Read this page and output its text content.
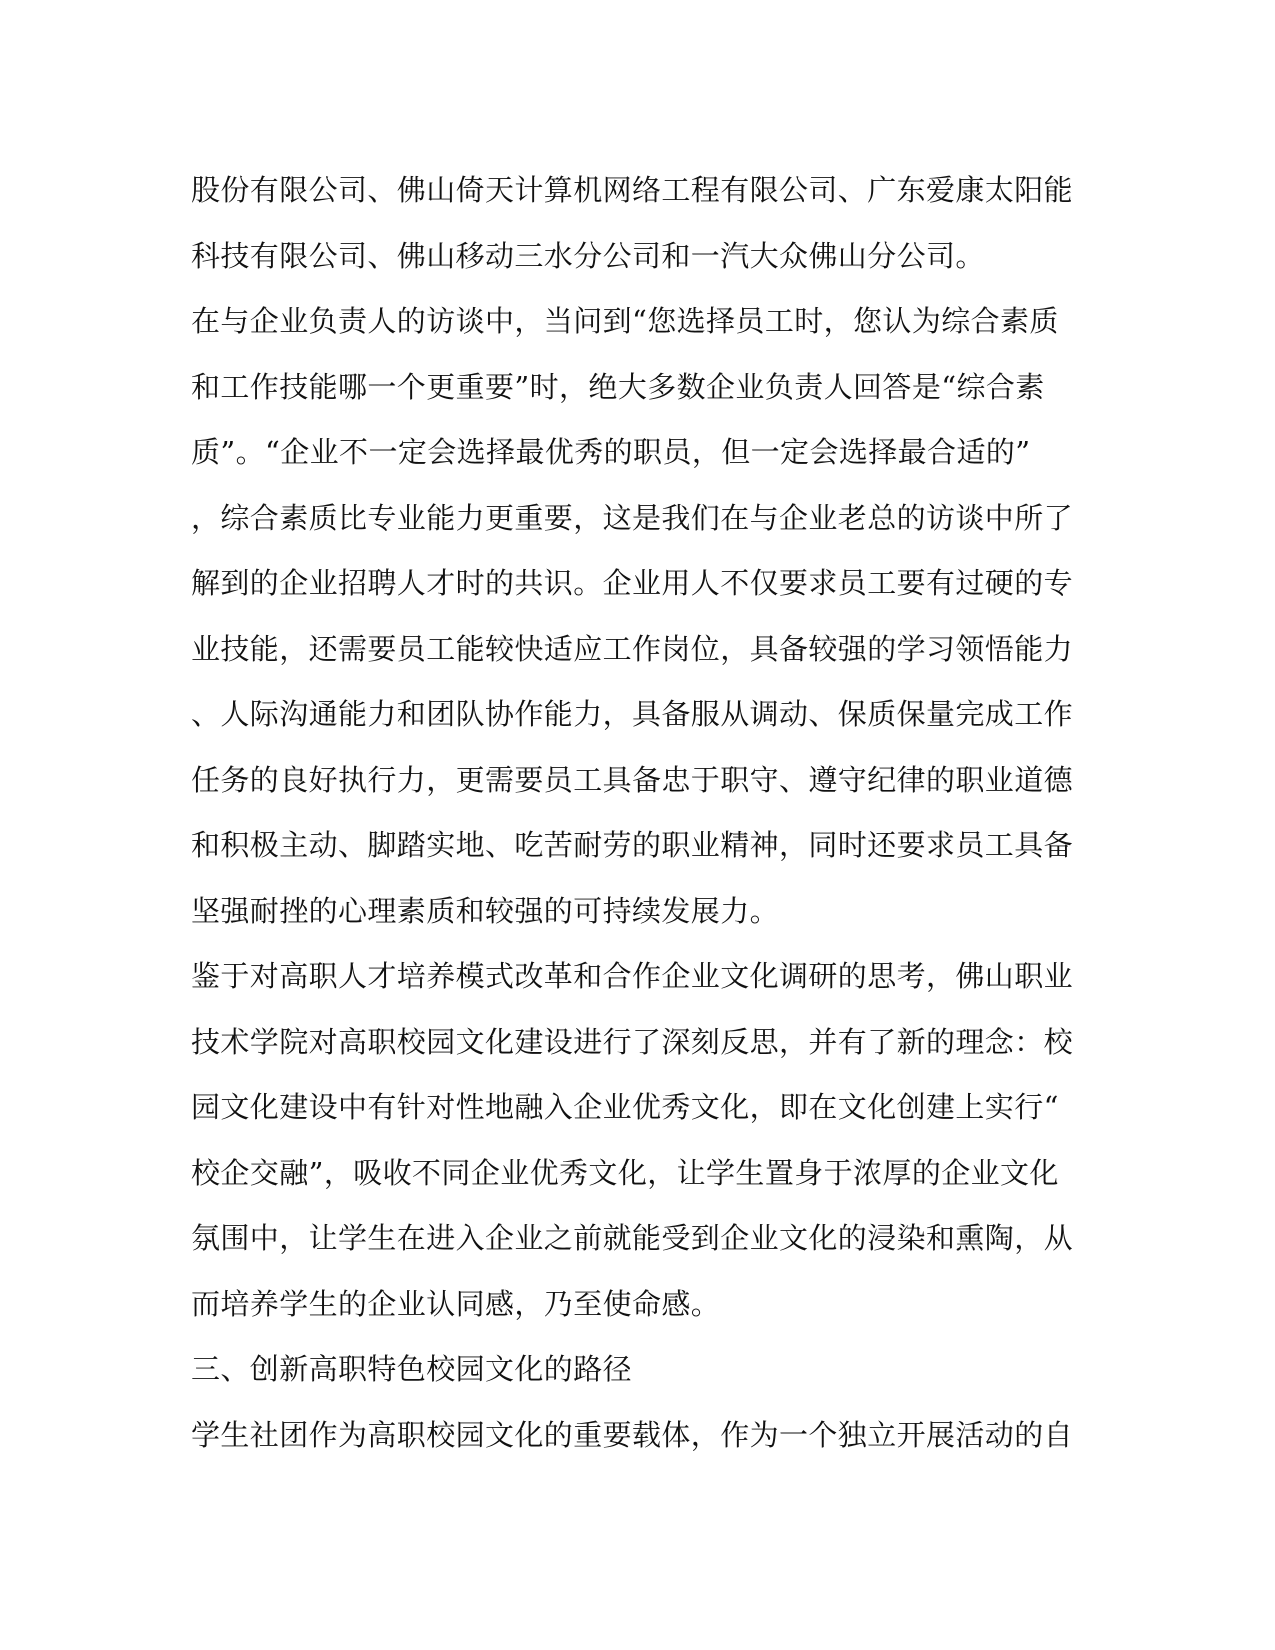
股份有限公司、佛山倚天计算机网络工程有限公司、广东爱康太阳能
科技有限公司、佛山移动三水分公司和一汽大众佛山分公司。
在与企业负责人的访谈中，当问到“您选择员工时，您认为综合素质
和工作技能哪一个更重要”时，绝大多数企业负责人回答是“综合素
质”。“企业不一定会选择最优秀的职员，但一定会选择最合适的”
，综合素质比专业能力更重要，这是我们在与企业老总的访谈中所了
解到的企业招聘人才时的共识。企业用人不仅要求员工要有过硬的专
业技能，还需要员工能较快适应工作岗位，具备较强的学习领悟能力
、人际沟通能力和团队协作能力，具备服从调动、保质保量完成工作
任务的良好执行力，更需要员工具备忠于职守、遵守纪律的职业道德
和积极主动、脚踏实地、吃苦耐劳的职业精神，同时还要求员工具备
坚强耐挫的心理素质和较强的可持续发展力。
鉴于对高职人才培养模式改革和合作企业文化调研的思考，佛山职业
技术学院对高职校园文化建设进行了深刻反思，并有了新的理念：校
园文化建设中有针对性地融入企业优秀文化，即在文化创建上实行“
校企交融”，吸收不同企业优秀文化，让学生置身于浓厚的企业文化
氛围中，让学生在进入企业之前就能受到企业文化的浸染和熏陶，从
而培养学生的企业认同感，乃至使命感。
三、创新高职特色校园文化的路径
学生社团作为高职校园文化的重要载体，作为一个独立开展活动的自
